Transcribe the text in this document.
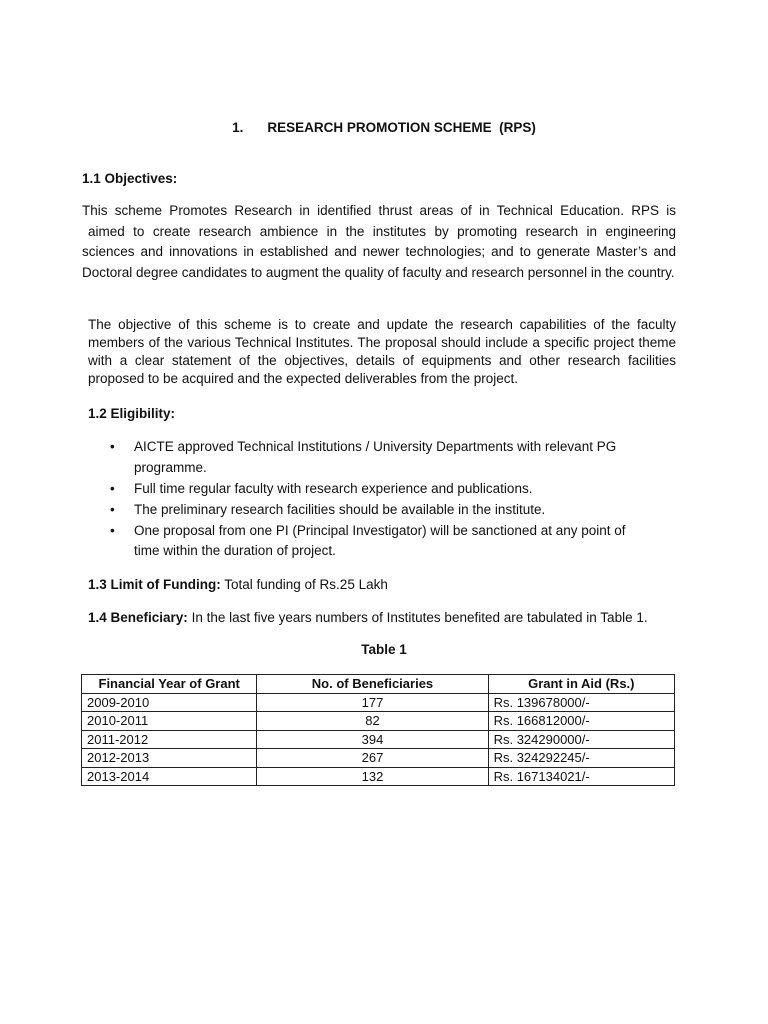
1. RESEARCH PROMOTION SCHEME  (RPS)
1.1 Objectives:

This scheme Promotes Research in identified thrust areas of in Technical Education. RPS is aimed to create research ambience in the institutes by promoting research in engineering sciences and innovations in established and newer technologies; and to generate Master’s and Doctoral degree candidates to augment the quality of faculty and research personnel in the country.

The objective of this scheme is to create and update the research capabilities of the faculty members of the various Technical Institutes. The proposal should include a specific project theme with a clear statement of the objectives, details of equipments and other research facilities proposed to be acquired and the expected deliverables from the project.

1.2 Eligibility:
• AICTE approved Technical Institutions / University Departments with relevant PG programme.
• Full time regular faculty with research experience and publications.
• The preliminary research facilities should be available in the institute.
• One proposal from one PI (Principal Investigator) will be sanctioned at any point of time within the duration of project.
1.3 Limit of Funding: Total funding of Rs.25 Lakh
1.4 Beneficiary: In the last five years numbers of Institutes benefited are tabulated in Table 1.
Table 1
Financial Year of Grant	No. of Beneficiaries	Grant in Aid (Rs.)
2009-2010	177	Rs. 139678000/-
2010-2011	82	Rs. 166812000/-
2011-2012	394	Rs. 324290000/-
2012-2013	267	Rs. 324292245/-
2013-2014	132	Rs. 167134021/-
